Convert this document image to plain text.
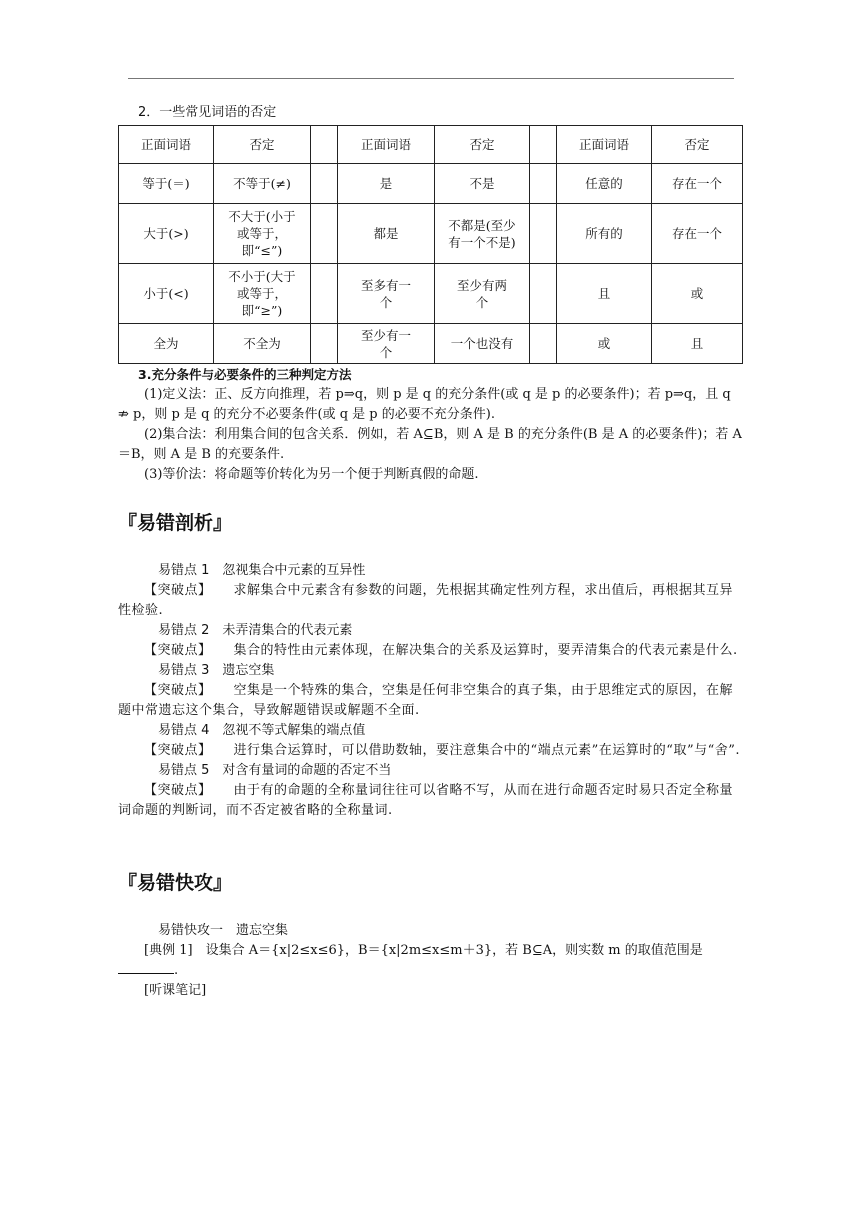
2．一些常见词语的否定
正面词语	否定		正面词语	否定		正面词语	否定
等于(＝)	不等于(≠)		是	不是		任意的	存在一个
大于(>)	不大于(小于或等于，即“≤”)		都是	不都是(至少有一个不是)		所有的	存在一个
小于(<)	不小于(大于或等于，即“≥”)		至多有一个	至少有两个		且	或
全为	不全为		至少有一个	一个也没有		或	且

3.充分条件与必要条件的三种判定方法

(1)定义法：正、反方向推理，若 p⇒q，则 p 是 q 的充分条件(或 q 是 p 的必要条件)；若 p⇒q，且 q ⇏ p，则 p 是 q 的充分不必要条件(或 q 是 p 的必要不充分条件).

(2)集合法：利用集合间的包含关系．例如，若 A⊆B，则 A 是 B 的充分条件(B 是 A 的必要条件)；若 A＝B，则 A 是 B 的充要条件.

(3)等价法：将命题等价转化为另一个便于判断真假的命题.

『易错剖析』

易错点 1　忽视集合中元素的互异性

【突破点】 求解集合中元素含有参数的问题，先根据其确定性列方程，求出值后，再根据其互异性检验.

易错点 2　未弄清集合的代表元素

【突破点】 集合的特性由元素体现，在解决集合的关系及运算时，要弄清集合的代表元素是什么.

易错点 3　遗忘空集

【突破点】 空集是一个特殊的集合，空集是任何非空集合的真子集，由于思维定式的原因，在解题中常遗忘这个集合，导致解题错误或解题不全面.

易错点 4　忽视不等式解集的端点值

【突破点】 进行集合运算时，可以借助数轴，要注意集合中的“端点元素”在运算时的“取”与“舍”.

易错点 5　对含有量词的命题的否定不当

【突破点】 由于有的命题的全称量词往往可以省略不写，从而在进行命题否定时易只否定全称量词命题的判断词，而不否定被省略的全称量词.

『易错快攻』

易错快攻一　遗忘空集

[典例 1]　 设集合 A＝{x|2≤x≤6}，B＝{x|2m≤x≤m＋3}，若 B⊆A，则实数 m 的取值范围是.

[听课笔记]
